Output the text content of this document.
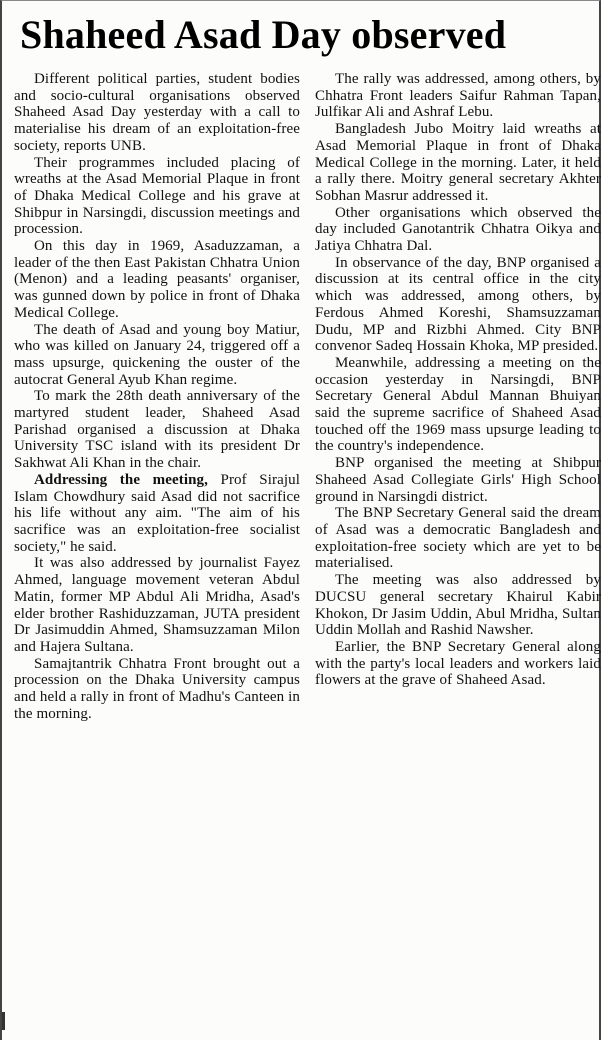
Shaheed Asad Day observed

Different political parties, student bodies and socio-cultural organisations observed Shaheed Asad Day yesterday with a call to materialise his dream of an exploitation-free society, reports UNB.

Their programmes included placing of wreaths at the Asad Memorial Plaque in front of Dhaka Medical College and his grave at Shibpur in Narsingdi, discussion meetings and procession.

On this day in 1969, Asaduzzaman, a leader of the then East Pakistan Chhatra Union (Menon) and a leading peasants' organiser, was gunned down by police in front of Dhaka Medical College.

The death of Asad and young boy Matiur, who was killed on January 24, triggered off a mass upsurge, quickening the ouster of the autocrat General Ayub Khan regime.

To mark the 28th death anniversary of the martyred student leader, Shaheed Asad Parishad organised a discussion at Dhaka University TSC island with its president Dr Sakhwat Ali Khan in the chair.

Addressing the meeting, Prof Sirajul Islam Chowdhury said Asad did not sacrifice his life without any aim. "The aim of his sacrifice was an exploitation-free socialist society," he said.

It was also addressed by journalist Fayez Ahmed, language movement veteran Abdul Matin, former MP Abdul Ali Mridha, Asad's elder brother Rashiduzzaman, JUTA president Dr Jasimuddin Ahmed, Shamsuzzaman Milon and Hajera Sultana.

Samajtantrik Chhatra Front brought out a procession on the Dhaka University campus and held a rally in front of Madhu's Canteen in the morning.

The rally was addressed, among others, by Chhatra Front leaders Saifur Rahman Tapan, Julfikar Ali and Ashraf Lebu.

Bangladesh Jubo Moitry laid wreaths at Asad Memorial Plaque in front of Dhaka Medical College in the morning. Later, it held a rally there. Moitry general secretary Akhter Sobhan Masrur addressed it.

Other organisations which observed the day included Ganotantrik Chhatra Oikya and Jatiya Chhatra Dal.

In observance of the day, BNP organised a discussion at its central office in the city which was addressed, among others, by Ferdous Ahmed Koreshi, Shamsuzzaman Dudu, MP and Rizbhi Ahmed. City BNP convenor Sadeq Hossain Khoka, MP presided.

Meanwhile, addressing a meeting on the occasion yesterday in Narsingdi, BNP Secretary General Abdul Mannan Bhuiyan said the supreme sacrifice of Shaheed Asad touched off the 1969 mass upsurge leading to the country's independence.

BNP organised the meeting at Shibpur Shaheed Asad Collegiate Girls' High School ground in Narsingdi district.

The BNP Secretary General said the dream of Asad was a democratic Bangladesh and exploitation-free society which are yet to be materialised.

The meeting was also addressed by DUCSU general secretary Khairul Kabir Khokon, Dr Jasim Uddin, Abul Mridha, Sultan Uddin Mollah and Rashid Nawsher.

Earlier, the BNP Secretary General along with the party's local leaders and workers laid flowers at the grave of Shaheed Asad.
